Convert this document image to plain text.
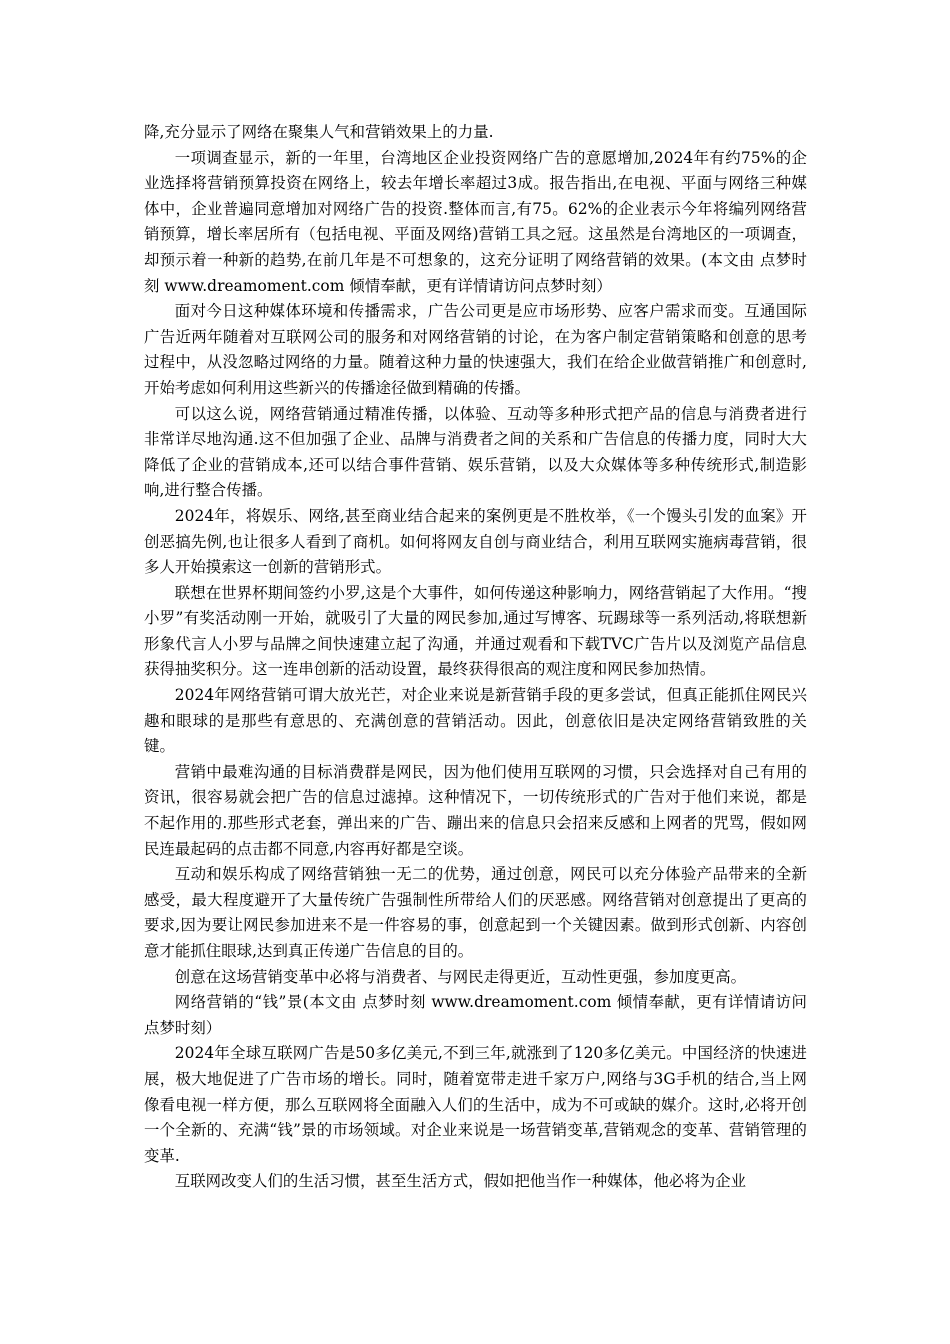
降,充分显示了网络在聚集人气和营销效果上的力量.

一项调查显示，新的一年里，台湾地区企业投资网络广告的意愿增加,2024年有约75%的企业选择将营销预算投资在网络上，较去年增长率超过3成。报告指出,在电视、平面与网络三种媒体中，企业普遍同意增加对网络广告的投资.整体而言,有75。62%的企业表示今年将编列网络营销预算，增长率居所有（包括电视、平面及网络)营销工具之冠。这虽然是台湾地区的一项调查，却预示着一种新的趋势,在前几年是不可想象的，这充分证明了网络营销的效果。(本文由 点梦时刻 www.dreamoment.com 倾情奉献，更有详情请访问点梦时刻）

面对今日这种媒体环境和传播需求，广告公司更是应市场形势、应客户需求而变。互通国际广告近两年随着对互联网公司的服务和对网络营销的讨论，在为客户制定营销策略和创意的思考过程中，从没忽略过网络的力量。随着这种力量的快速强大，我们在给企业做营销推广和创意时,开始考虑如何利用这些新兴的传播途径做到精确的传播。

可以这么说，网络营销通过精准传播，以体验、互动等多种形式把产品的信息与消费者进行非常详尽地沟通.这不但加强了企业、品牌与消费者之间的关系和广告信息的传播力度，同时大大降低了企业的营销成本,还可以结合事件营销、娱乐营销，以及大众媒体等多种传统形式,制造影响,进行整合传播。

2024年，将娱乐、网络,甚至商业结合起来的案例更是不胜枚举，《一个馒头引发的血案》开创恶搞先例,也让很多人看到了商机。如何将网友自创与商业结合，利用互联网实施病毒营销，很多人开始摸索这一创新的营销形式。

联想在世界杯期间签约小罗,这是个大事件，如何传递这种影响力，网络营销起了大作用。“搜小罗”有奖活动刚一开始，就吸引了大量的网民参加,通过写博客、玩踢球等一系列活动,将联想新形象代言人小罗与品牌之间快速建立起了沟通，并通过观看和下载TVC广告片以及浏览产品信息获得抽奖积分。这一连串创新的活动设置，最终获得很高的观注度和网民参加热情。

2024年网络营销可谓大放光芒，对企业来说是新营销手段的更多尝试，但真正能抓住网民兴趣和眼球的是那些有意思的、充满创意的营销活动。因此，创意依旧是决定网络营销致胜的关键。

营销中最难沟通的目标消费群是网民，因为他们使用互联网的习惯，只会选择对自己有用的资讯，很容易就会把广告的信息过滤掉。这种情况下，一切传统形式的广告对于他们来说，都是不起作用的.那些形式老套，弹出来的广告、蹦出来的信息只会招来反感和上网者的咒骂，假如网民连最起码的点击都不同意,内容再好都是空谈。

互动和娱乐构成了网络营销独一无二的优势，通过创意，网民可以充分体验产品带来的全新感受，最大程度避开了大量传统广告强制性所带给人们的厌恶感。网络营销对创意提出了更高的要求,因为要让网民参加进来不是一件容易的事，创意起到一个关键因素。做到形式创新、内容创意才能抓住眼球,达到真正传递广告信息的目的。

创意在这场营销变革中必将与消费者、与网民走得更近，互动性更强，参加度更高。

网络营销的“钱”景(本文由 点梦时刻 www.dreamoment.com 倾情奉献，更有详情请访问点梦时刻）

2024年全球互联网广告是50多亿美元,不到三年,就涨到了120多亿美元。中国经济的快速进展，极大地促进了广告市场的增长。同时，随着宽带走进千家万户,网络与3G手机的结合,当上网像看电视一样方便，那么互联网将全面融入人们的生活中，成为不可或缺的媒介。这时,必将开创一个全新的、充满“钱”景的市场领域。对企业来说是一场营销变革,营销观念的变革、营销管理的变革.

互联网改变人们的生活习惯，甚至生活方式，假如把他当作一种媒体，他必将为企业
